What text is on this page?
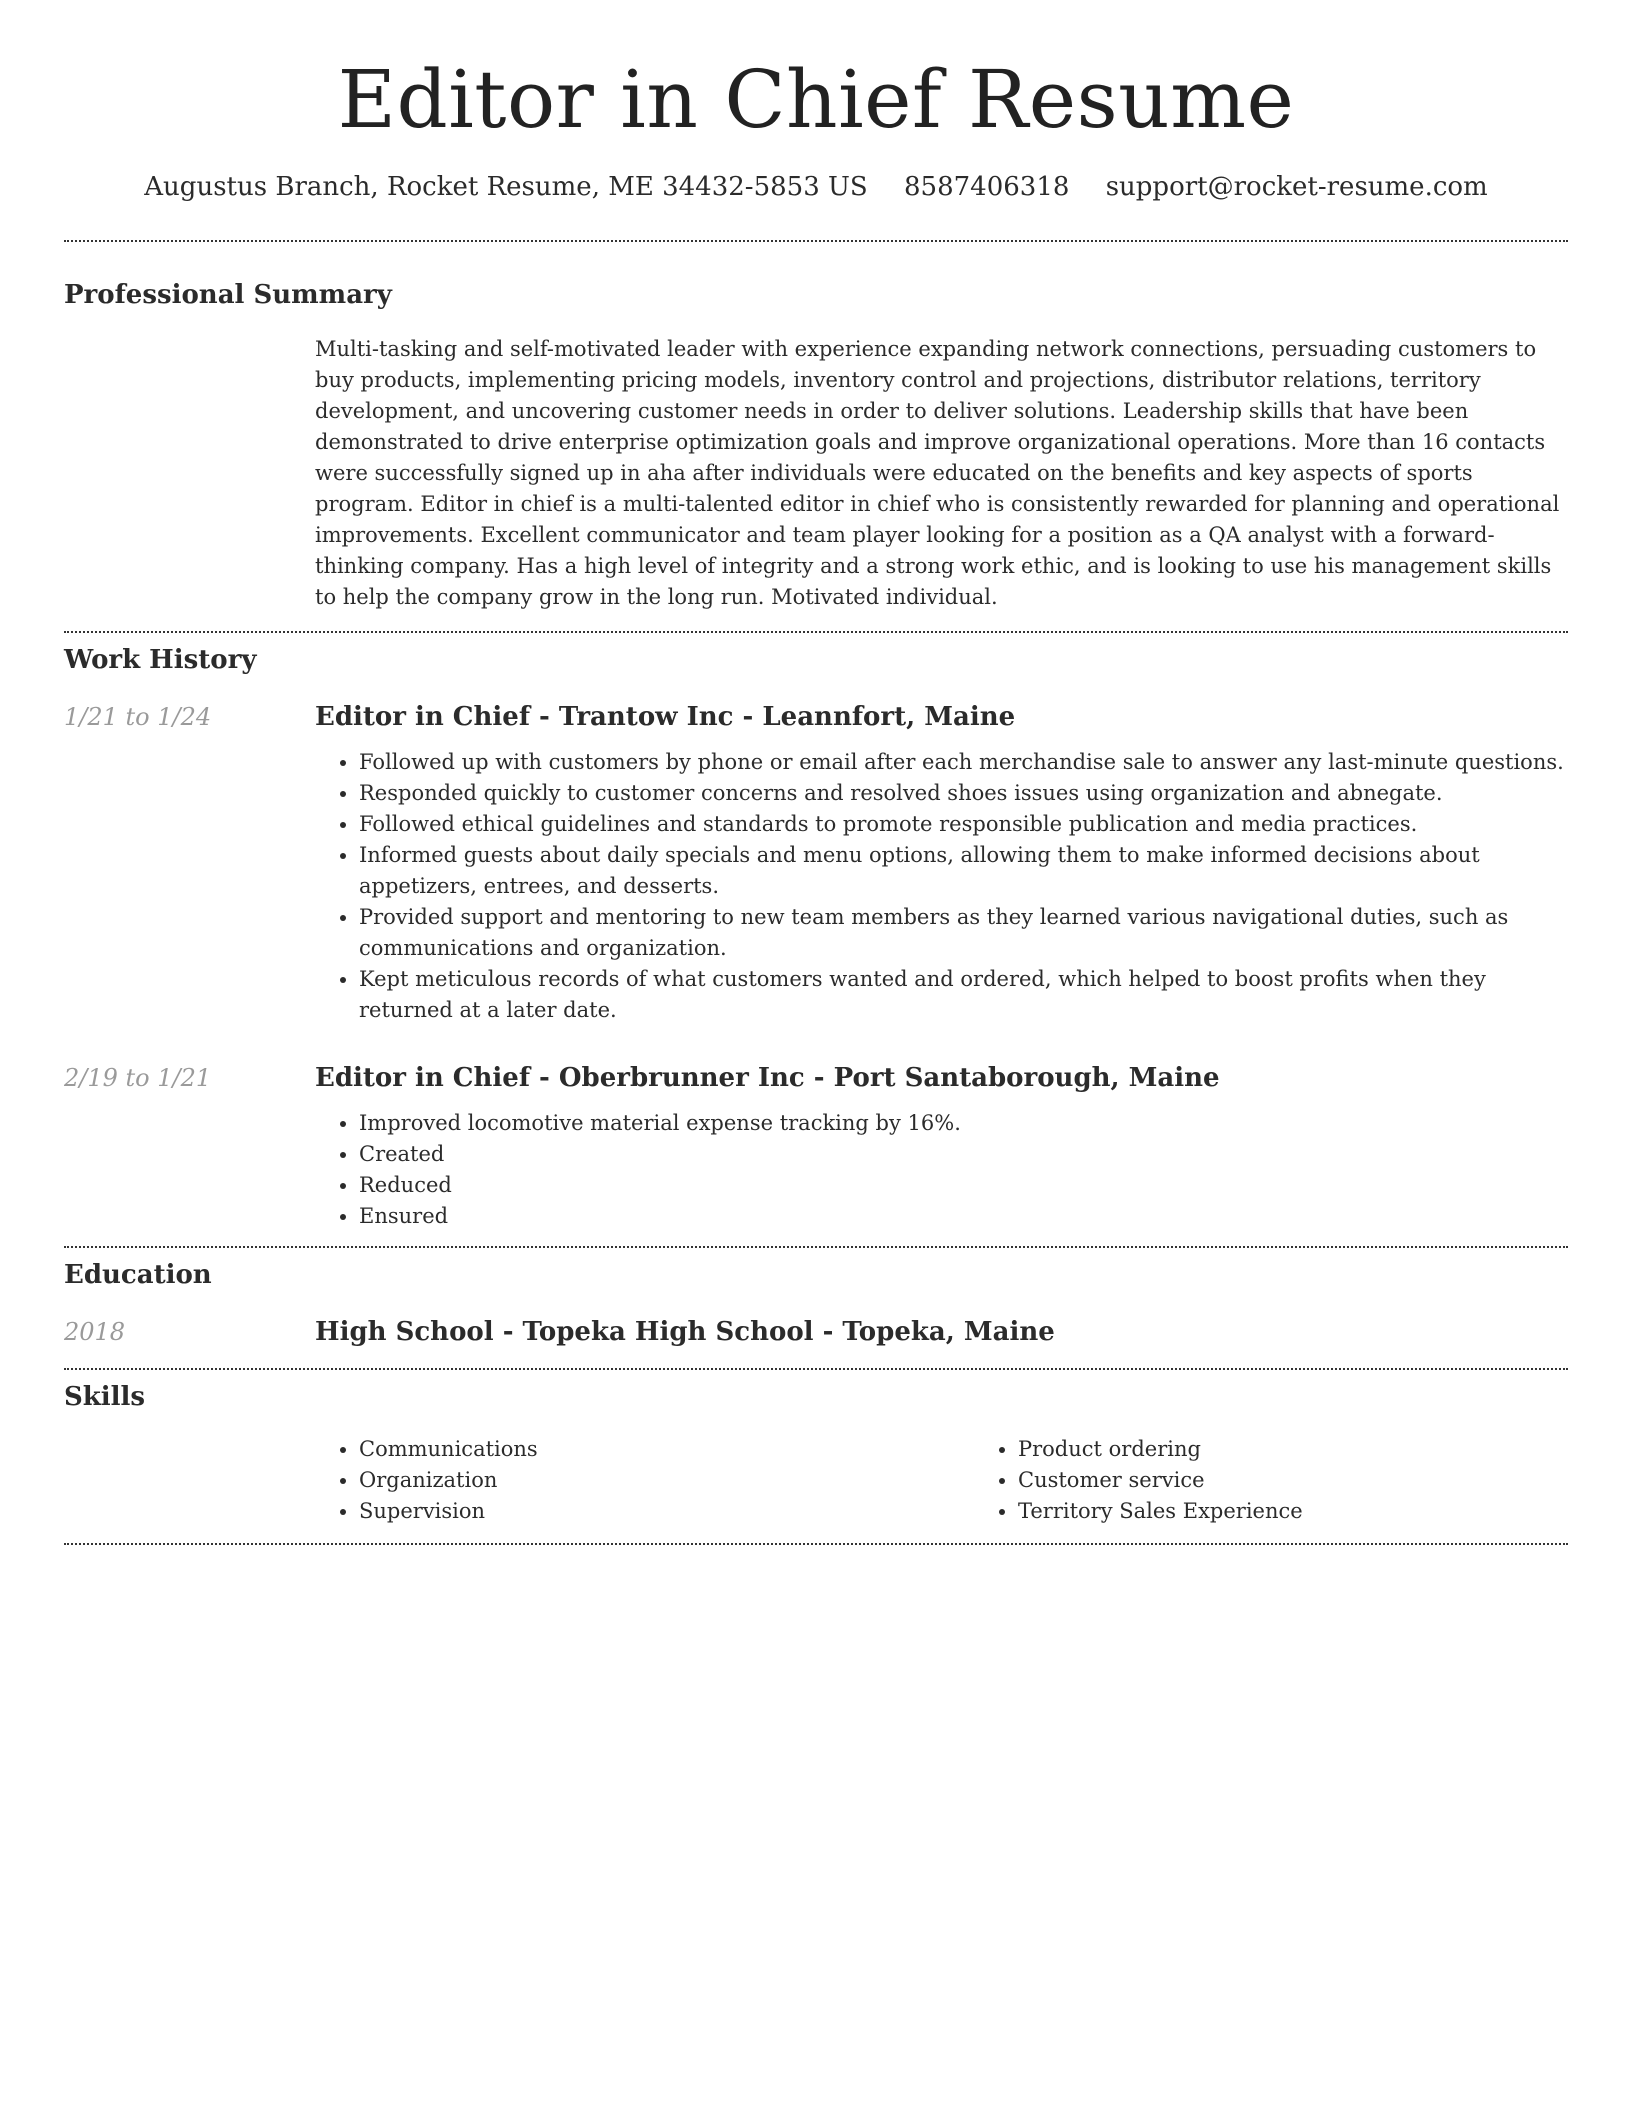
Editor in Chief Resume
Augustus Branch, Rocket Resume, ME 34432-5853 US 8587406318 support@rocket-resume.com
Professional Summary

Multi-tasking and self-motivated leader with experience expanding network connections, persuading customers to buy products, implementing pricing models, inventory control and projections, distributor relations, territory development, and uncovering customer needs in order to deliver solutions. Leadership skills that have been demonstrated to drive enterprise optimization goals and improve organizational operations. More than 16 contacts were successfully signed up in aha after individuals were educated on the benefits and key aspects of sports program. Editor in chief is a multi-talented editor in chief who is consistently rewarded for planning and operational improvements. Excellent communicator and team player looking for a position as a QA analyst with a forward-thinking company. Has a high level of integrity and a strong work ethic, and is looking to use his management skills to help the company grow in the long run. Motivated individual.

Work History
1/21 to 1/24	Editor in Chief - Trantow Inc - Leannfort, Maine
• Followed up with customers by phone or email after each merchandise sale to answer any last-minute questions.
• Responded quickly to customer concerns and resolved shoes issues using organization and abnegate.
• Followed ethical guidelines and standards to promote responsible publication and media practices.
• Informed guests about daily specials and menu options, allowing them to make informed decisions about appetizers, entrees, and desserts.
• Provided support and mentoring to new team members as they learned various navigational duties, such as communications and organization.
• Kept meticulous records of what customers wanted and ordered, which helped to boost profits when they returned at a later date.
2/19 to 1/21	Editor in Chief - Oberbrunner Inc - Port Santaborough, Maine
• Improved locomotive material expense tracking by 16%.
• Created
• Reduced
• Ensured
Education
2018	High School - Topeka High School - Topeka, Maine
Skills
• Communications
• Organization
• Supervision
• Product ordering
• Customer service
• Territory Sales Experience
